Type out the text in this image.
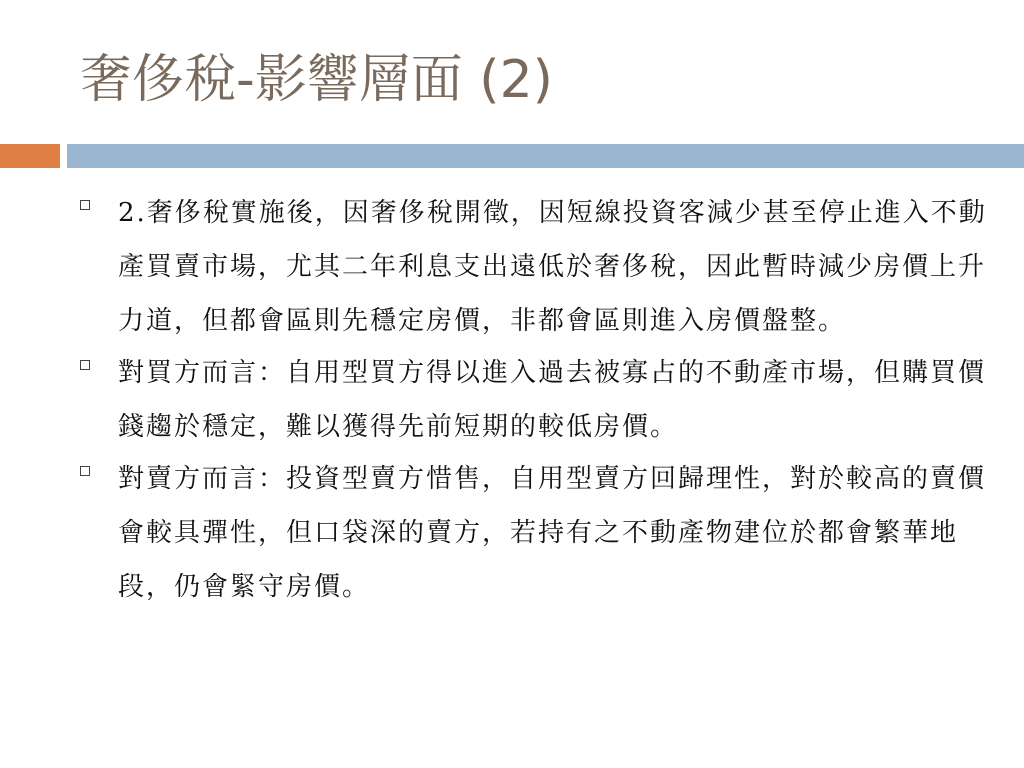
奢侈稅-影響層面 (2)
2.奢侈稅實施後，因奢侈稅開徵，因短線投資客減少甚至停止進入不動產買賣市場，尤其二年利息支出遠低於奢侈稅，因此暫時減少房價上升力道，但都會區則先穩定房價，非都會區則進入房價盤整。
對買方而言：自用型買方得以進入過去被寡占的不動產市場，但購買價錢趨於穩定，難以獲得先前短期的較低房價。
對賣方而言：投資型賣方惜售，自用型賣方回歸理性，對於較高的賣價會較具彈性，但口袋深的賣方，若持有之不動產物建位於都會繁華地段，仍會緊守房價。
